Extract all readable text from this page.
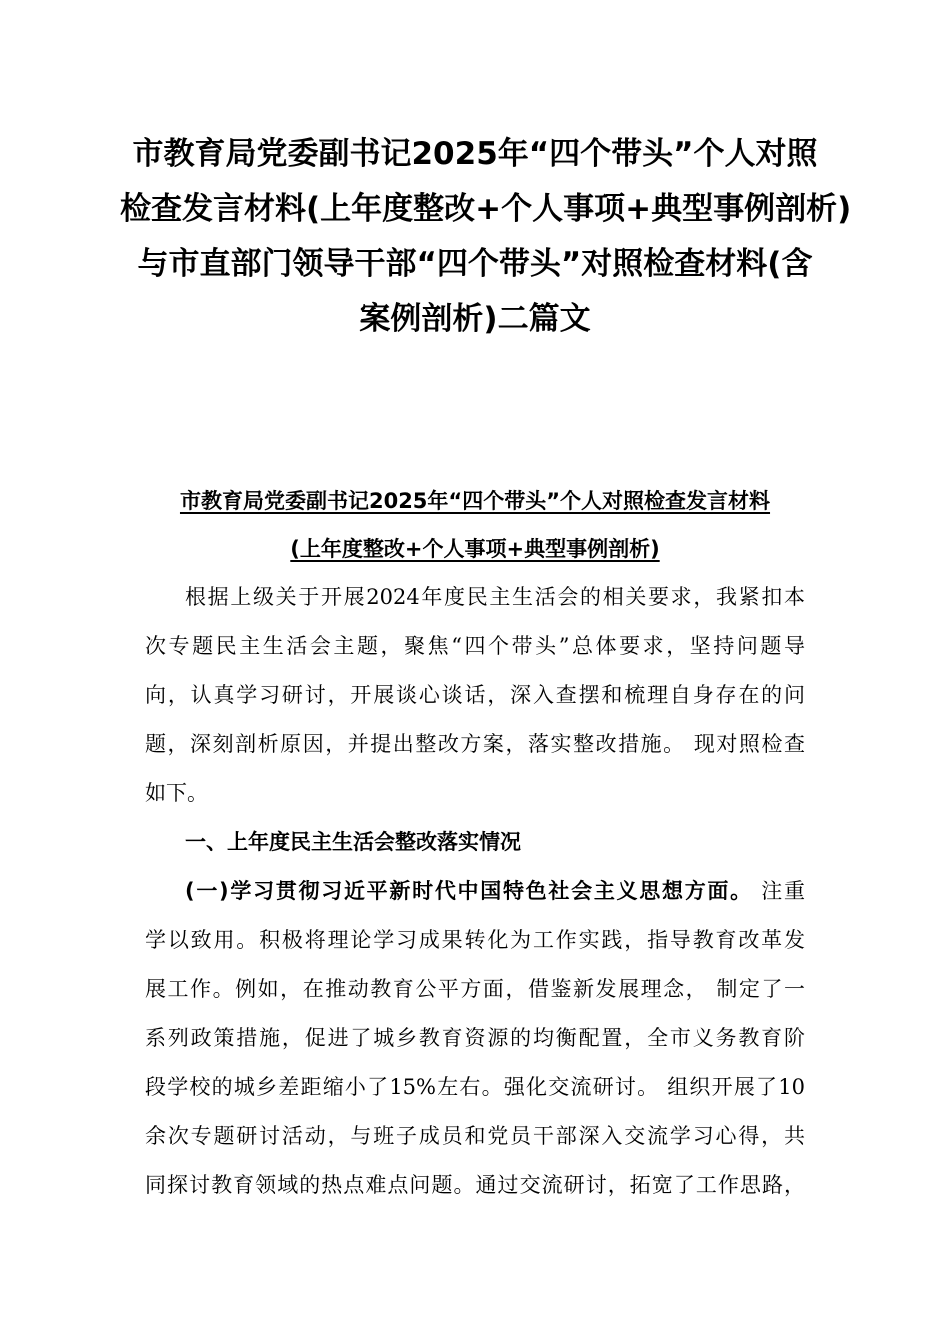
市教育局党委副书记2025年“四个带头”个人对照
检查发言材料(上年度整改+个人事项+典型事例剖析)
与市直部门领导干部“四个带头”对照检查材料(含
案例剖析)二篇文
市教育局党委副书记2025年“四个带头”个人对照检查发言材料
(上年度整改+个人事项+典型事例剖析)
根据上级关于开展2024年度民主生活会的相关要求，我紧扣本
次专题民主生活会主题，聚焦“四个带头”总体要求，坚持问题导
向，认真学习研讨，开展谈心谈话，深入查摆和梳理自身存在的问
题，深刻剖析原因，并提出整改方案，落实整改措施。 现对照检查
如下。
一、上年度民主生活会整改落实情况
(一)学习贯彻习近平新时代中国特色社会主义思想方面。 注重
学以致用。积极将理论学习成果转化为工作实践，指导教育改革发
展工作。例如，在推动教育公平方面，借鉴新发展理念， 制定了一
系列政策措施，促进了城乡教育资源的均衡配置，全市义务教育阶
段学校的城乡差距缩小了15%左右。强化交流研讨。 组织开展了10
余次专题研讨活动，与班子成员和党员干部深入交流学习心得，共
同探讨教育领域的热点难点问题。通过交流研讨，拓宽了工作思路，
